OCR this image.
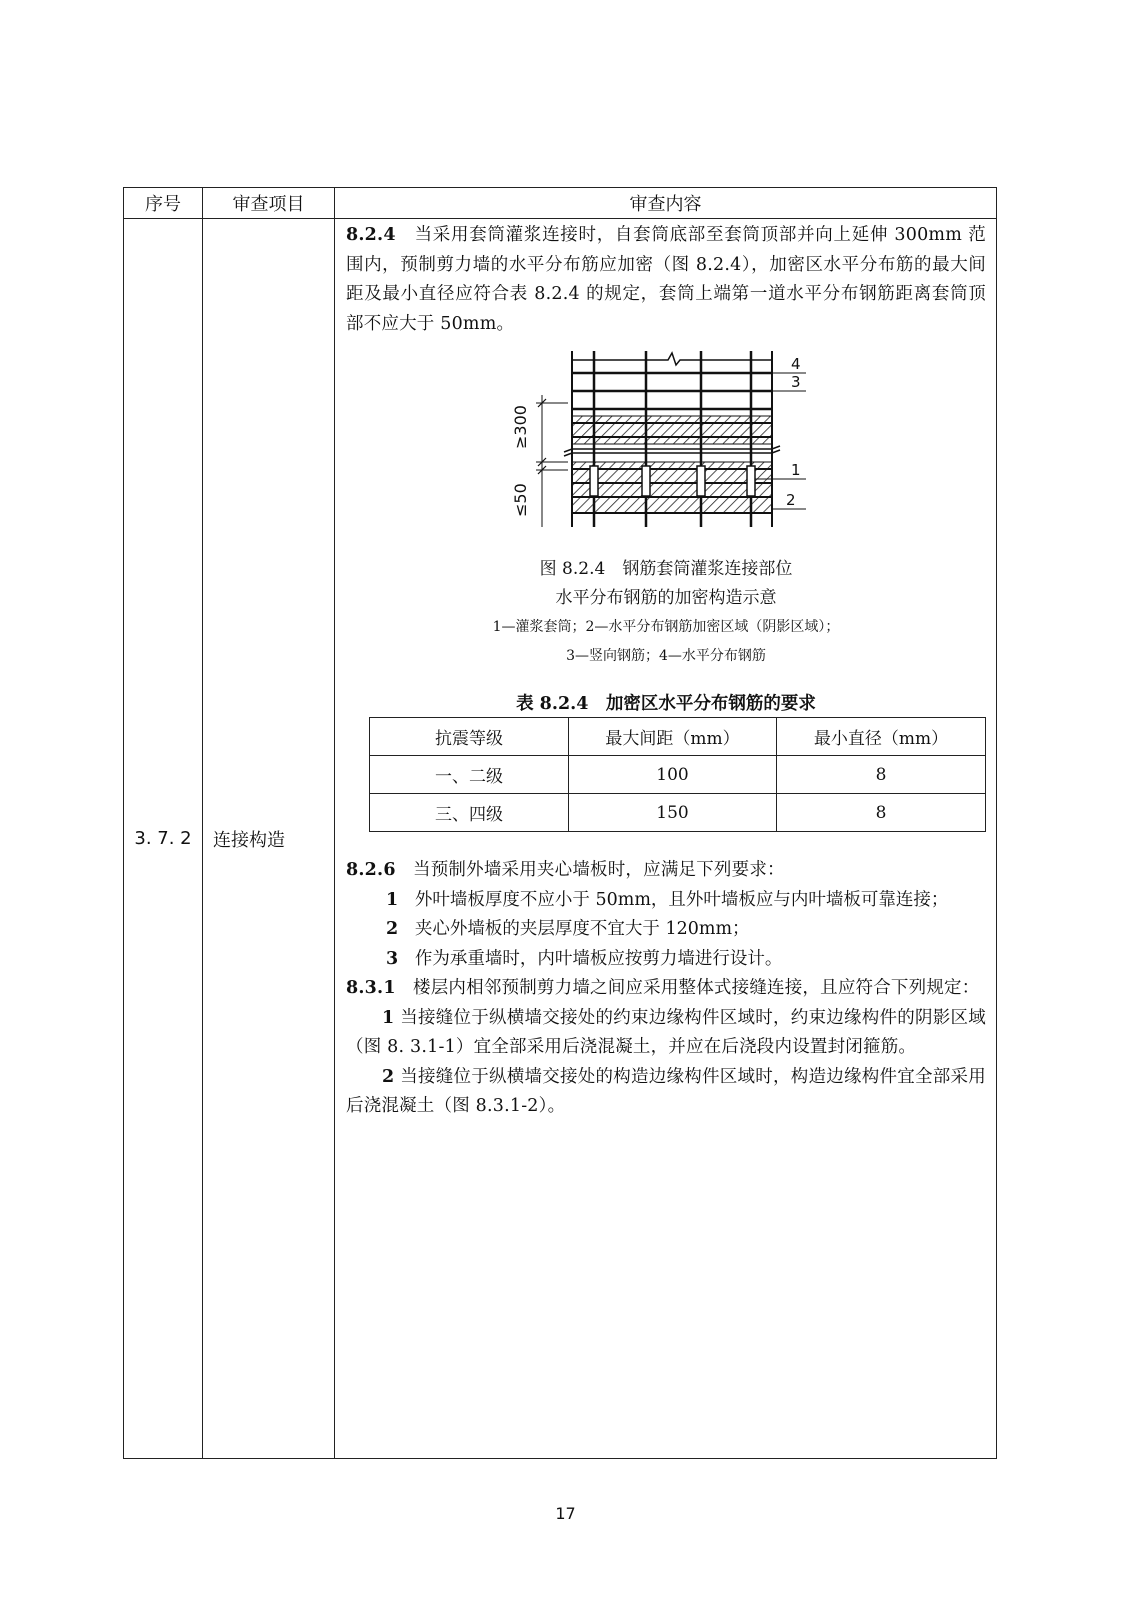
序号	审查项目	审查内容
3. 7. 2	连接构造	

8.2.4 当采用套筒灌浆连接时，自套筒底部至套筒顶部并向上延伸 300mm 范围内，预制剪力墙的水平分布筋应加密（图 8.2.4），加密区水平分布筋的最大间距及最小直径应符合表 8.2.4 的规定，套筒上端第一道水平分布钢筋距离套筒顶部不应大于 50mm。

≥300
≤50
4
3
1
2
图 8.2.4　钢筋套筒灌浆连接部位
水平分布钢筋的加密构造示意
1—灌浆套筒；2—水平分布钢筋加密区域（阴影区域）；
3—竖向钢筋；4—水平分布钢筋
表 8.2.4　加密区水平分布钢筋的要求
抗震等级	最大间距（mm）	最小直径（mm）
一、二级	100	8
三、四级	150	8

8.2.6 当预制外墙采用夹心墙板时，应满足下列要求：

1 外叶墙板厚度不应小于 50mm，且外叶墙板应与内叶墙板可靠连接；
2 夹心外墙板的夹层厚度不宜大于 120mm；
3 作为承重墙时，内叶墙板应按剪力墙进行设计。

8.3.1 楼层内相邻预制剪力墙之间应采用整体式接缝连接，且应符合下列规定：

1 当接缝位于纵横墙交接处的约束边缘构件区域时，约束边缘构件的阴影区域（图 8. 3.1-1）宜全部采用后浇混凝土，并应在后浇段内设置封闭箍筋。

2 当接缝位于纵横墙交接处的构造边缘构件区域时，构造边缘构件宜全部采用后浇混凝土（图 8.3.1-2）。

17
